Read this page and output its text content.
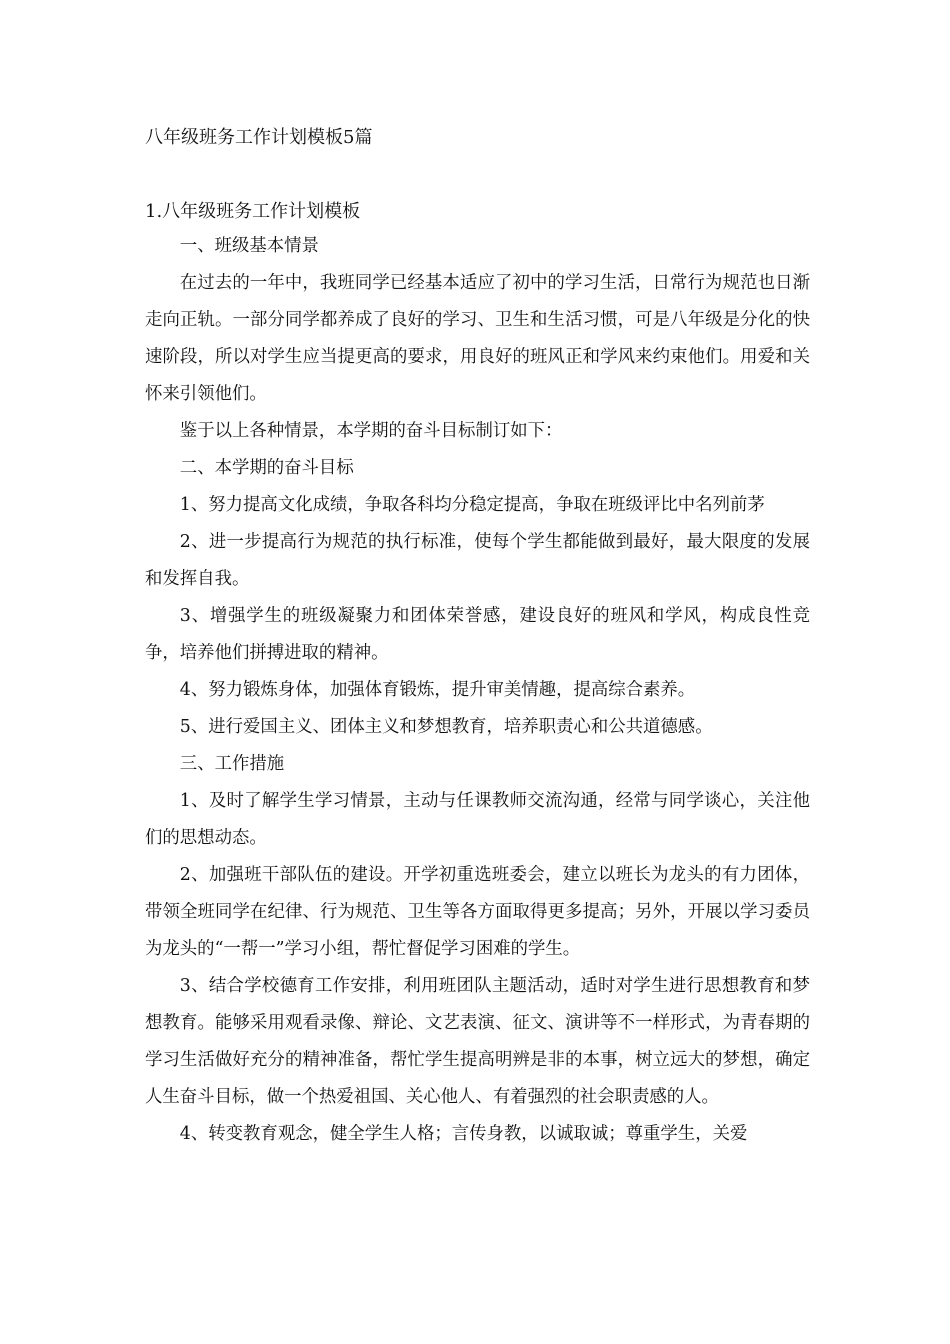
八年级班务工作计划模板5篇
1.八年级班务工作计划模板

一、班级基本情景

在过去的一年中，我班同学已经基本适应了初中的学习生活，日常行为规范也日渐走向正轨。一部分同学都养成了良好的学习、卫生和生活习惯，可是八年级是分化的快速阶段，所以对学生应当提更高的要求，用良好的班风正和学风来约束他们。用爱和关怀来引领他们。

鉴于以上各种情景，本学期的奋斗目标制订如下：

二、本学期的奋斗目标

1、努力提高文化成绩，争取各科均分稳定提高，争取在班级评比中名列前茅

2、进一步提高行为规范的执行标准，使每个学生都能做到最好，最大限度的发展和发挥自我。

3、增强学生的班级凝聚力和团体荣誉感，建设良好的班风和学风，构成良性竞争，培养他们拼搏进取的精神。

4、努力锻炼身体，加强体育锻炼，提升审美情趣，提高综合素养。

5、进行爱国主义、团体主义和梦想教育，培养职责心和公共道德感。

三、工作措施

1、及时了解学生学习情景，主动与任课教师交流沟通，经常与同学谈心，关注他们的思想动态。

2、加强班干部队伍的建设。开学初重选班委会，建立以班长为龙头的有力团体，带领全班同学在纪律、行为规范、卫生等各方面取得更多提高；另外，开展以学习委员为龙头的“一帮一”学习小组，帮忙督促学习困难的学生。

3、结合学校德育工作安排，利用班团队主题活动，适时对学生进行思想教育和梦想教育。能够采用观看录像、辩论、文艺表演、征文、演讲等不一样形式，为青春期的学习生活做好充分的精神准备，帮忙学生提高明辨是非的本事，树立远大的梦想，确定人生奋斗目标，做一个热爱祖国、关心他人、有着强烈的社会职责感的人。

4、转变教育观念，健全学生人格；言传身教，以诚取诚；尊重学生，关爱
